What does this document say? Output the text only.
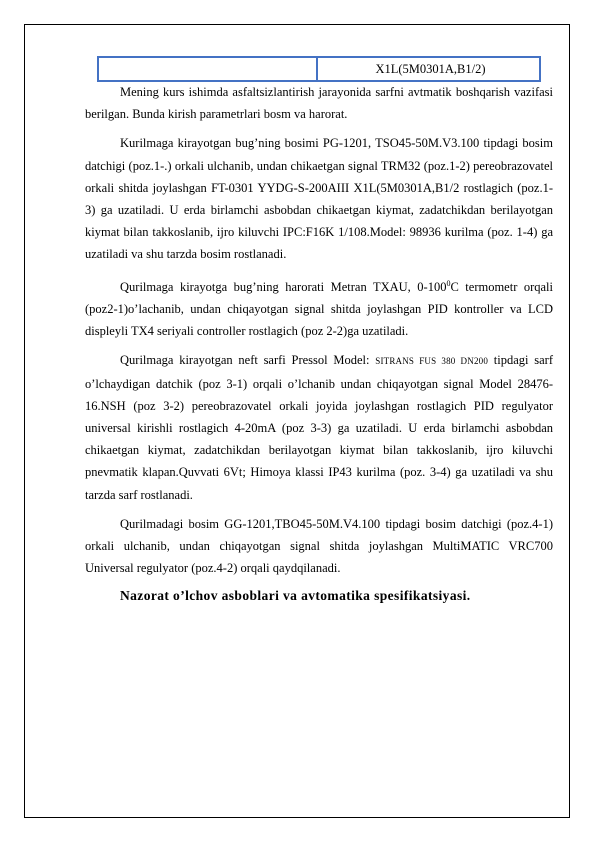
X1L(5M0301A,B1/2)

Mening kurs ishimda asfaltsizlantirish jarayonida sarfni avtmatik boshqarish vazifasi berilgan. Bunda kirish parametrlari bosm va harorat.

Kurilmaga kirayotgan bug’ning bosimi PG-1201, TSO45-50M.V3.100 tipdagi bosim datchigi (poz.1-.) orkali ulchanib, undan chikaetgan signal TRM32 (poz.1-2) pereobrazovatel orkali shitda joylashgan FT-0301 YYDG-S-200AIII X1L(5M0301A,B1/2 rostlagich (poz.1-3) ga uzatiladi. U erda birlamchi asbobdan chikaetgan kiymat, zadatchikdan berilayotgan kiymat bilan takkoslanib, ijro kiluvchi IPC:F16K 1/108.Model: 98936 kurilma (poz. 1-4) ga uzatiladi va shu tarzda bosim rostlanadi.

Qurilmaga kirayotga bug’ning harorati Metran TXAU, $0-100^0C$ termometr orqali (poz2-1)o’lachanib, undan chiqayotgan signal shitda joylashgan PID kontroller va LCD displeyli TX4 seriyali controller rostlagich (poz 2-2)ga uzatiladi.

Qurilmaga kirayotgan neft sarfi Pressol Model: SITRANS FUS 380 DN200 tipdagi sarf o’lchaydigan datchik (poz 3-1) orqali o’lchanib undan chiqayotgan signal Model 28476-16.NSH (poz 3-2) pereobrazovatel orkali joyida joylashgan rostlagich PID regulyator universal kirishli rostlagich 4-20mA (poz 3-3) ga uzatiladi. U erda birlamchi asbobdan chikaetgan kiymat, zadatchikdan berilayotgan kiymat bilan takkoslanib, ijro kiluvchi pnevmatik klapan.Quvvati 6Vt; Himoya klassi IP43 kurilma (poz. 3-4) ga uzatiladi va shu tarzda sarf rostlanadi.

Qurilmadagi bosim GG-1201,TBO45-50M.V4.100 tipdagi bosim datchigi (poz.4-1) orkali ulchanib, undan chiqayotgan signal shitda joylashgan MultiMATIC VRC700 Universal regulyator (poz.4-2) orqali qaydqilanadi.

Nazorat o’lchov asboblari va avtomatika spesifikatsiyasi.
